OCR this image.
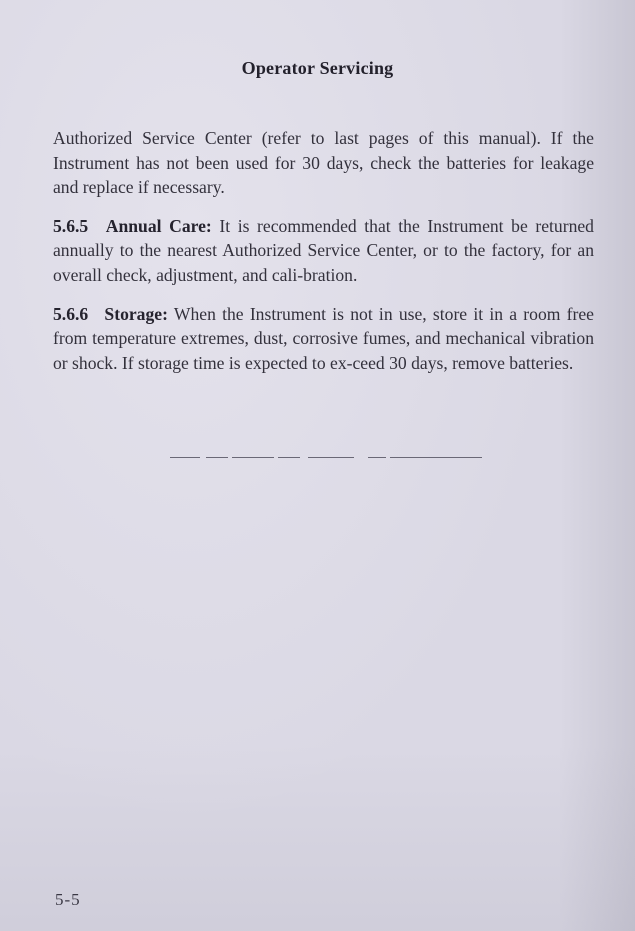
Operator Servicing

Authorized Service Center (refer to last pages of this manual). If the Instrument has not been used for 30 days, check the batteries for leakage and replace if necessary.

5.6.5 Annual Care: It is recommended that the Instrument be returned annually to the nearest Authorized Service Center, or to the factory, for an overall check, adjustment, and cali-bration.

5.6.6 Storage: When the Instrument is not in use, store it in a room free from temperature extremes, dust, corrosive fumes, and mechanical vibration or shock. If storage time is expected to ex-ceed 30 days, remove batteries.

5-5
